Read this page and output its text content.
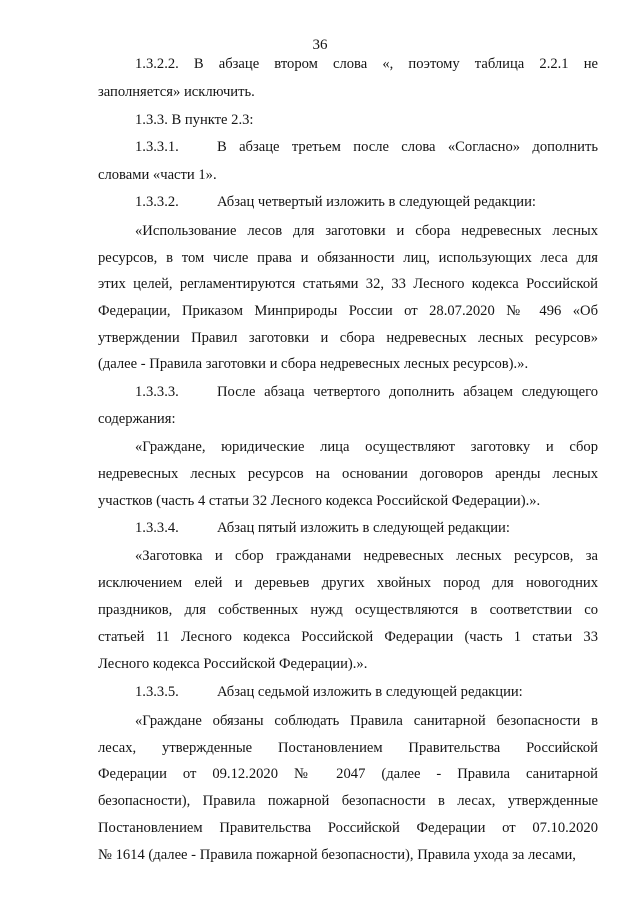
36
1.3.2.2. В абзаце втором слова «, поэтому таблица 2.2.1 не
заполняется» исключить.
1.3.3. В пункте 2.3:
1.3.3.1.	В абзаце третьем после слова «Согласно» дополнить
словами «части 1».
1.3.3.2.	Абзац четвертый изложить в следующей редакции:
«Использование лесов для заготовки и сбора недревесных лесных
ресурсов, в том числе права и обязанности лиц, использующих леса для
этих целей, регламентируются статьями 32, 33 Лесного кодекса Российской
Федерации, Приказом Минприроды России от 28.07.2020 № 496 «Об
утверждении Правил заготовки и сбора недревесных лесных ресурсов»
(далее - Правила заготовки и сбора недревесных лесных ресурсов).».
1.3.3.3.	После абзаца четвертого дополнить абзацем следующего
содержания:
«Граждане, юридические лица осуществляют заготовку и сбор
недревесных лесных ресурсов на основании договоров аренды лесных
участков (часть 4 статьи 32 Лесного кодекса Российской Федерации).».
1.3.3.4.	Абзац пятый изложить в следующей редакции:
«Заготовка и сбор гражданами недревесных лесных ресурсов, за
исключением елей и деревьев других хвойных пород для новогодних
праздников, для собственных нужд осуществляются в соответствии со
статьей 11 Лесного кодекса Российской Федерации (часть 1 статьи 33
Лесного кодекса Российской Федерации).».
1.3.3.5.	Абзац седьмой изложить в следующей редакции:
«Граждане обязаны соблюдать Правила санитарной безопасности в
лесах, утвержденные Постановлением Правительства Российской
Федерации от 09.12.2020 № 2047 (далее - Правила санитарной
безопасности), Правила пожарной безопасности в лесах, утвержденные
Постановлением Правительства Российской Федерации от 07.10.2020
№ 1614 (далее - Правила пожарной безопасности), Правила ухода за лесами,
